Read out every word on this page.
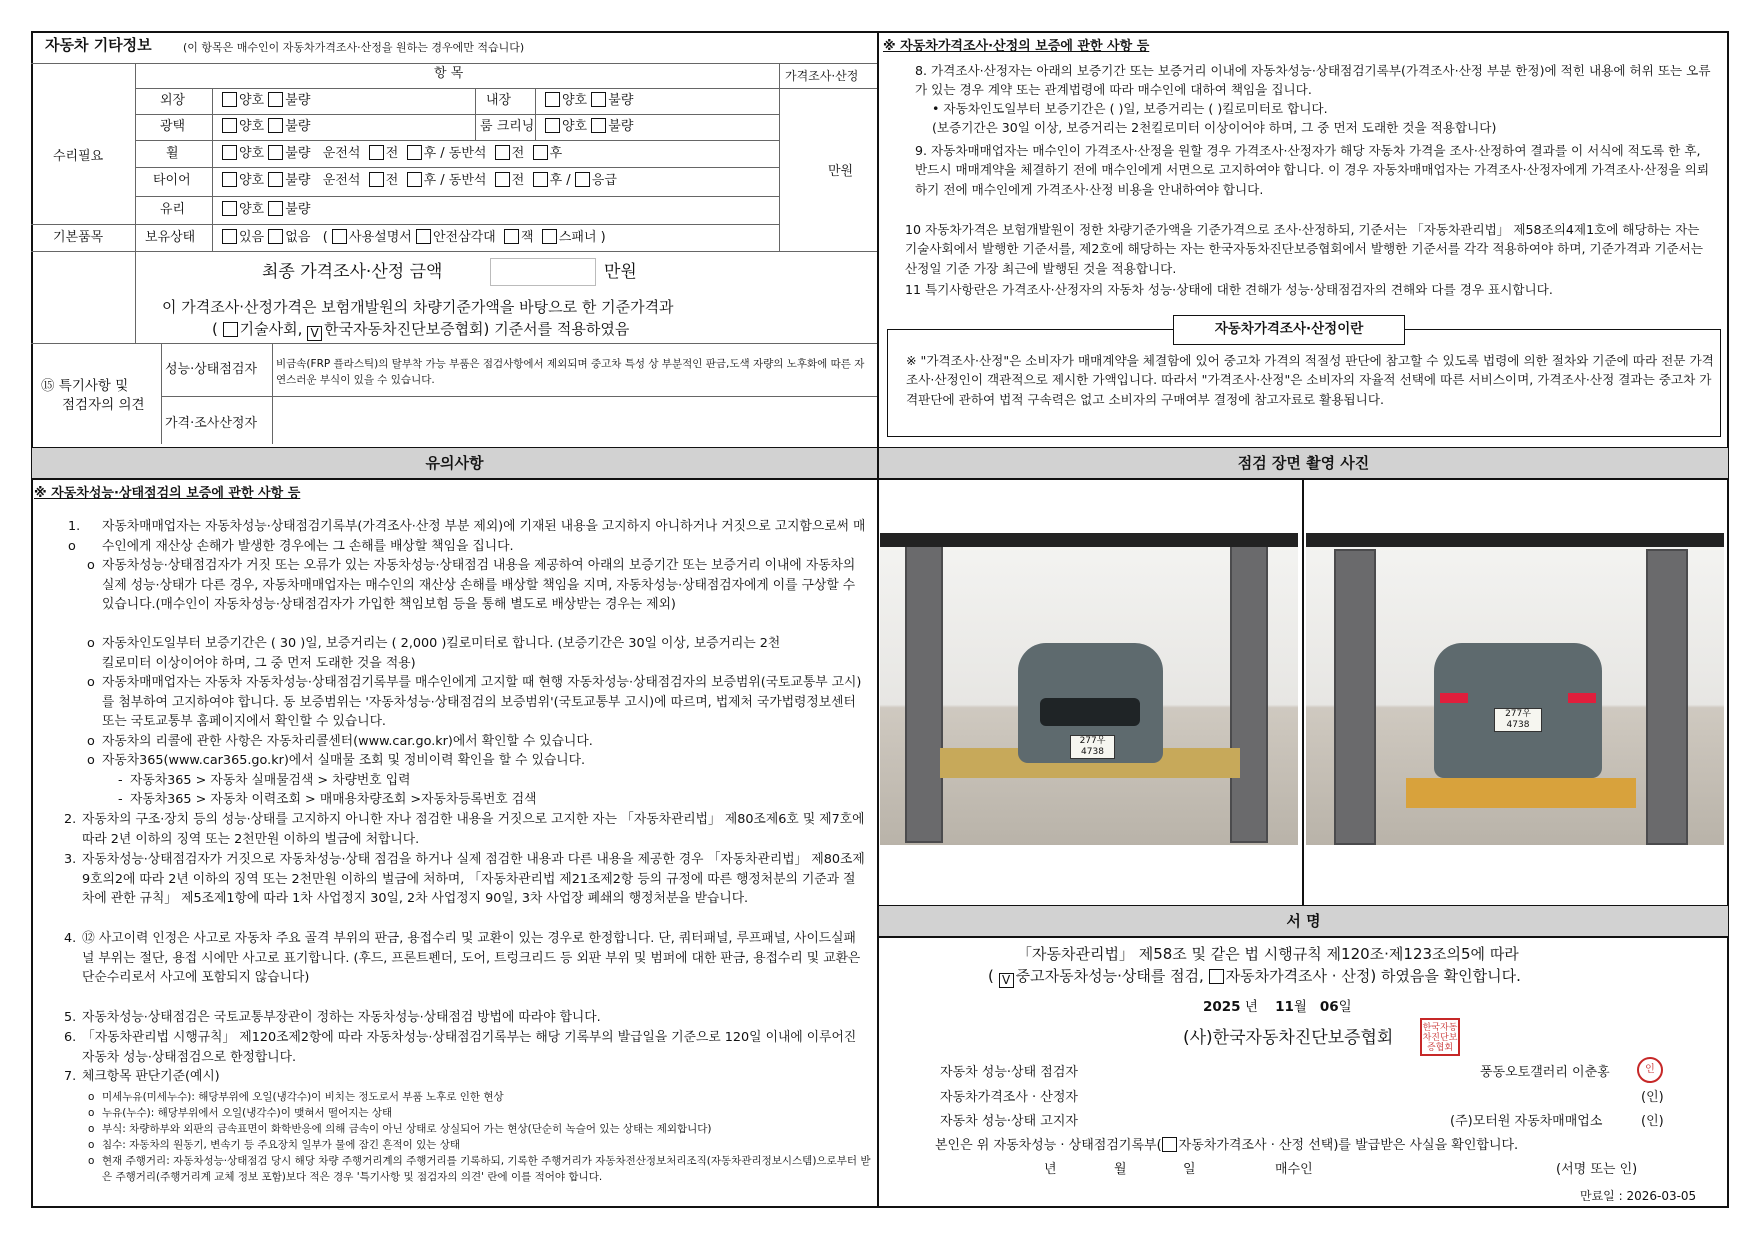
자동차 기타정보	(이 항목은 매수인이 자동차가격조사·산정을 원하는 경우에만 적습니다)
항 목	가격조사·산정
수리필요
기본품목
만원
외장	양호 불량	내장	양호 불량
광택	양호 불량	룸 크리닝	양호 불량
휠	양호 불량 운전석 전 후 / 동반석 전 후
타이어	양호 불량 운전석 전 후 / 동반석 전 후 / 응급
유리	양호 불량
보유상태	있음 없음 ( 사용설명서 안전삼각대 잭 스패너 )
최종 가격조사·산정 금액	만원
이 가격조사·산정가격은 보험개발원의 차량기준가액을 바탕으로 한 기준가격과
( 기술사회, V 한국자동차진단보증협회) 기준서를 적용하였음
⑮ 특기사항 및
점검자의 의견
성능·상태점검자 비금속(FRP 플라스틱)의 탈부착 가능 부품은 점검사항에서 제외되며 중고차 특성 상 부분적인 판금,도색 자량의 노후화에 따른 자연스러운 부식이 있을 수 있습니다.
가격·조사산정자
※ 자동차가격조사·산정의 보증에 관한 사항 등
8. 가격조사·산정자는 아래의 보증기간 또는 보증거리 이내에 자동차성능·상태점검기록부(가격조사·산정 부분 한정)에 적힌 내용에 허위 또는 오류가 있는 경우 계약 또는 관계법령에 따라 매수인에 대하여 책임을 집니다.
• 자동차인도일부터 보증기간은 ( )일, 보증거리는 ( )킬로미터로 합니다.
(보증기간은 30일 이상, 보증거리는 2천킬로미터 이상이어야 하며, 그 중 먼저 도래한 것을 적용합니다)
9. 자동차매매업자는 매수인이 가격조사·산정을 원할 경우 가격조사·산정자가 해당 자동차 가격을 조사·산정하여 결과를 이 서식에 적도록 한 후, 반드시 매매계약을 체결하기 전에 매수인에게 서면으로 고지하여야 합니다. 이 경우 자동차매매업자는 가격조사·산정자에게 가격조사·산정을 의뢰하기 전에 매수인에게 가격조사·산정 비용을 안내하여야 합니다.
10 자동차가격은 보험개발원이 정한 차량기준가액을 기준가격으로 조사·산정하되, 기준서는 「자동차관리법」 제58조의4제1호에 해당하는 자는 기술사회에서 발행한 기준서를, 제2호에 해당하는 자는 한국자동차진단보증협회에서 발행한 기준서를 각각 적용하여야 하며, 기준가격과 기준서는 산정일 기준 가장 최근에 발행된 것을 적용합니다.
11 특기사항란은 가격조사·산정자의 자동차 성능·상태에 대한 견해가 성능·상태점검자의 견해와 다를 경우 표시합니다.
자동차가격조사·산정이란
※ "가격조사·산정"은 소비자가 매매계약을 체결함에 있어 중고차 가격의 적절성 판단에 참고할 수 있도록 법령에 의한 절차와 기준에 따라 전문 가격조사·산정인이 객관적으로 제시한 가액입니다. 따라서 "가격조사·산정"은 소비자의 자율적 선택에 따른 서비스이며, 가격조사·산정 결과는 중고차 가격판단에 관하여 법적 구속력은 없고 소비자의 구매여부 결정에 참고자료로 활용됩니다.
유의사항	점검 장면 촬영 사진
※ 자동차성능·상태점검의 보증에 관한 사항 등
1. o
자동차매매업자는 자동차성능·상태점검기록부(가격조사·산정 부분 제외)에 기재된 내용을 고지하지 아니하거나 거짓으로 고지함으로써 매수인에게 재산상 손해가 발생한 경우에는 그 손해를 배상할 책임을 집니다.
o 자동차성능·상태점검자가 거짓 또는 오류가 있는 자동차성능·상태점검 내용을 제공하여 아래의 보증기간 또는 보증거리 이내에 자동차의 실제 성능·상태가 다른 경우, 자동차매매업자는 매수인의 재산상 손해를 배상할 책임을 지며, 자동차성능·상태점검자에게 이를 구상할 수 있습니다.(매수인이 자동차성능·상태점검자가 가입한 책임보험 등을 통해 별도로 배상받는 경우는 제외)
o 자동차인도일부터 보증기간은 ( 30 )일, 보증거리는 ( 2,000 )킬로미터로 합니다. (보증기간은 30일 이상, 보증거리는 2천킬로미터 이상이어야 하며, 그 중 먼저 도래한 것을 적용)
o 자동차매매업자는 자동차 자동차성능·상태점검기록부를 매수인에게 고지할 때 현행 자동차성능·상태점검자의 보증범위(국토교통부 고시)를 첨부하여 고지하여야 합니다. 동 보증범위는 '자동차성능·상태점검의 보증범위'(국토교통부 고시)에 따르며, 법제처 국가법령정보센터 또는 국토교통부 홈페이지에서 확인할 수 있습니다.
o 자동차의 리콜에 관한 사항은 자동차리콜센터(www.car.go.kr)에서 확인할 수 있습니다.
o 자동차365(www.car365.go.kr)에서 실매물 조회 및 정비이력 확인을 할 수 있습니다.
- 자동차365 > 자동차 실매물검색 > 차량번호 입력
- 자동차365 > 자동차 이력조회 > 매매용차량조회 >자동차등록번호 검색
2. 자동차의 구조·장치 등의 성능·상태를 고지하지 아니한 자나 점검한 내용을 거짓으로 고지한 자는 「자동차관리법」 제80조제6호 및 제7호에 따라 2년 이하의 징역 또는 2천만원 이하의 벌금에 처합니다.
3. 자동차성능·상태점검자가 거짓으로 자동차성능·상태 점검을 하거나 실제 점검한 내용과 다른 내용을 제공한 경우 「자동차관리법」 제80조제9호의2에 따라 2년 이하의 징역 또는 2천만원 이하의 벌금에 처하며, 「자동차관리법 제21조제2항 등의 규정에 따른 행정처분의 기준과 절차에 관한 규칙」 제5조제1항에 따라 1차 사업정지 30일, 2차 사업정지 90일, 3차 사업장 폐쇄의 행정처분을 받습니다.
4. ⑫ 사고이력 인정은 사고로 자동차 주요 골격 부위의 판금, 용접수리 및 교환이 있는 경우로 한정합니다. 단, 쿼터패널, 루프패널, 사이드실패널 부위는 절단, 용접 시에만 사고로 표기합니다. (후드, 프론트펜더, 도어, 트렁크리드 등 외판 부위 및 범퍼에 대한 판금, 용접수리 및 교환은 단순수리로서 사고에 포함되지 않습니다)
5. 자동차성능·상태점검은 국토교통부장관이 정하는 자동차성능·상태점검 방법에 따라야 합니다.
6. 「자동차관리법 시행규칙」 제120조제2항에 따라 자동차성능·상태점검기록부는 해당 기록부의 발급일을 기준으로 120일 이내에 이루어진 자동차 성능·상태점검으로 한정합니다.
7. 체크항목 판단기준(예시)
o 미세누유(미세누수): 해당부위에 오일(냉각수)이 비치는 정도로서 부품 노후로 인한 현상
o 누유(누수): 해당부위에서 오일(냉각수)이 맺혀서 떨어지는 상태
o 부식: 차량하부와 외판의 금속표면이 화학반응에 의해 금속이 아닌 상태로 상실되어 가는 현상(단순히 녹슬어 있는 상태는 제외합니다)
o 침수: 자동차의 원동기, 변속기 등 주요장치 일부가 물에 잠긴 흔적이 있는 상태
o 현재 주행거리: 자동차성능·상태점검 당시 해당 차량 주행거리계의 주행거리를 기록하되, 기록한 주행거리가 자동차전산정보처리조직(자동차관리정보시스템)으로부터 받은 주행거리(주행거리계 교체 정보 포함)보다 적은 경우 '특기사항 및 점검자의 의견' 란에 이를 적어야 합니다.
277우4738
277우4738
서 명
「자동차관리법」 제58조 및 같은 법 시행규칙 제120조·제123조의5에 따라
( V 중고자동차성능·상태를 점검, 자동차가격조사 · 산정) 하였음을 확인합니다.
2025 년 11월 06일
(사)한국자동차진단보증협회	한국자동차진단보증협회
자동차 성능·상태 점검자	풍동오토갤러리 이춘홍	인
자동차가격조사 · 산정자	(인)
자동차 성능·상태 고지자	(주)모터원 자동차매매업소	(인)
본인은 위 자동차성능 · 상태점검기록부( 자동차가격조사 · 산정 선택)를 발급받은 사실을 확인합니다.
년	월	일	매수인	(서명 또는 인)
만료일 : 2026-03-05
